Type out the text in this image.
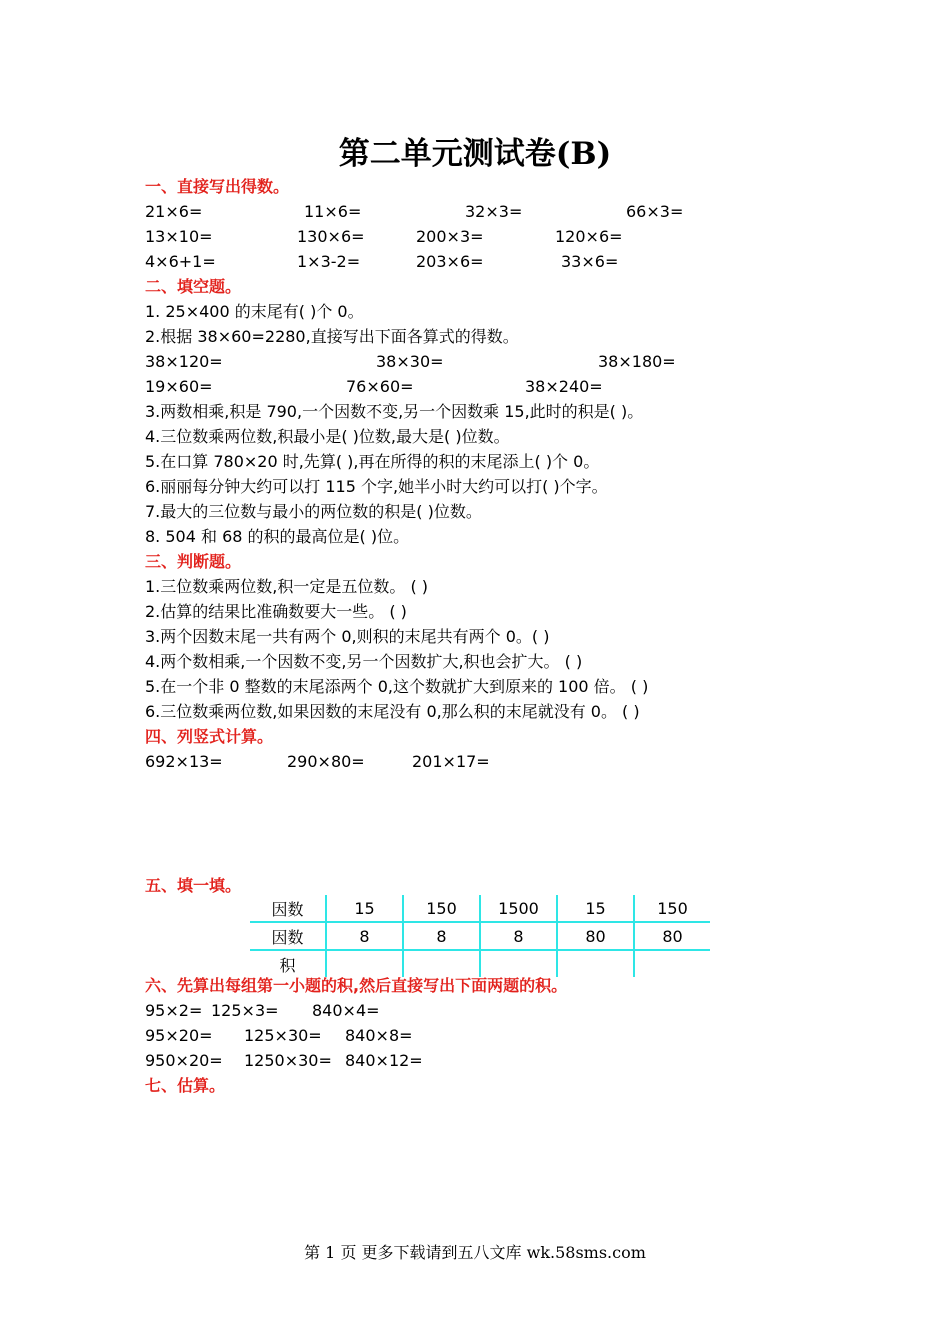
第二单元测试卷(B)
一、直接写出得数。
21×6=	11×6=	32×3=	66×3=
13×10=	130×6=	200×3=	120×6=
4×6+1=	1×3-2=	203×6=	33×6=
二、填空题。
1. 25×400 的末尾有( )个 0。
2.根据 38×60=2280,直接写出下面各算式的得数。
38×120=	38×30=	38×180=
19×60=	76×60=	38×240=
3.两数相乘,积是 790,一个因数不变,另一个因数乘 15,此时的积是( )。
4.三位数乘两位数,积最小是( )位数,最大是( )位数。
5.在口算 780×20 时,先算( ),再在所得的积的末尾添上( )个 0。
6.丽丽每分钟大约可以打 115 个字,她半小时大约可以打( )个字。
7.最大的三位数与最小的两位数的积是( )位数。
8. 504 和 68 的积的最高位是( )位。
三、判断题。
1.三位数乘两位数,积一定是五位数。 ( )
2.估算的结果比准确数要大一些。 ( )
3.两个因数末尾一共有两个 0,则积的末尾共有两个 0。( )
4.两个数相乘,一个因数不变,另一个因数扩大,积也会扩大。 ( )
5.在一个非 0 整数的末尾添两个 0,这个数就扩大到原来的 100 倍。 ( )
6.三位数乘两位数,如果因数的末尾没有 0,那么积的末尾就没有 0。 ( )
四、列竖式计算。
692×13=	290×80=	201×17=
五、填一填。
因数	15	150	1500	15	150
因数	8	8	8	80	80
积					
六、先算出每组第一小题的积,然后直接写出下面两题的积。
95×2= 125×3= 840×4=
95×20= 125×30= 840×8=
950×20= 1250×30= 840×12=
七、估算。
第 1 页 更多下载请到五八文库 wk.58sms.com
